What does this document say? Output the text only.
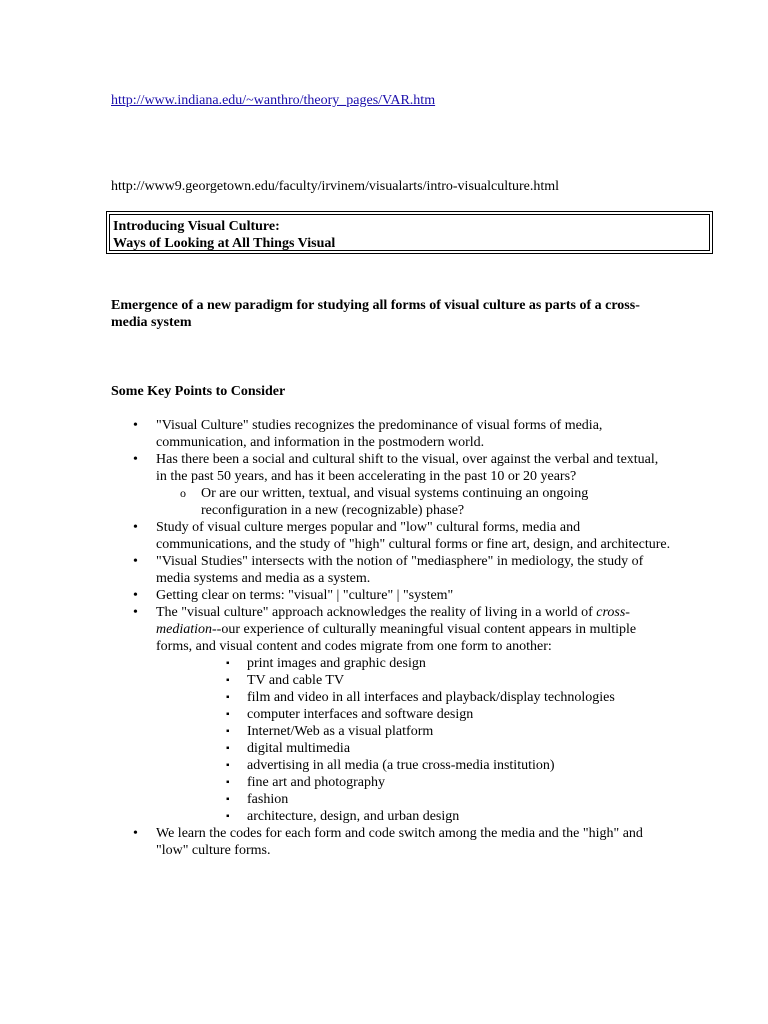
http://www.indiana.edu/~wanthro/theory_pages/VAR.htm
http://www9.georgetown.edu/faculty/irvinem/visualarts/intro-visualculture.html
Introducing Visual Culture:
Ways of Looking at All Things Visual
Emergence of a new paradigm for studying all forms of visual culture as parts of a cross-media system
Some Key Points to Consider
• "Visual Culture" studies recognizes the predominance of visual forms of media, communication, and information in the postmodern world.
• Has there been a social and cultural shift to the visual, over against the verbal and textual, in the past 50 years, and has it been accelerating in the past 10 or 20 years?
o Or are our written, textual, and visual systems continuing an ongoing reconfiguration in a new (recognizable) phase?
• Study of visual culture merges popular and "low" cultural forms, media and communications, and the study of "high" cultural forms or fine art, design, and architecture.
• "Visual Studies" intersects with the notion of "mediasphere" in mediology, the study of media systems and media as a system.
• Getting clear on terms: "visual" | "culture" | "system"
• The "visual culture" approach acknowledges the reality of living in a world of cross-mediation--our experience of culturally meaningful visual content appears in multiple forms, and visual content and codes migrate from one form to another:
▪ print images and graphic design
▪ TV and cable TV
▪ film and video in all interfaces and playback/display technologies
▪ computer interfaces and software design
▪ Internet/Web as a visual platform
▪ digital multimedia
▪ advertising in all media (a true cross-media institution)
▪ fine art and photography
▪ fashion
▪ architecture, design, and urban design
• We learn the codes for each form and code switch among the media and the "high" and "low" culture forms.
